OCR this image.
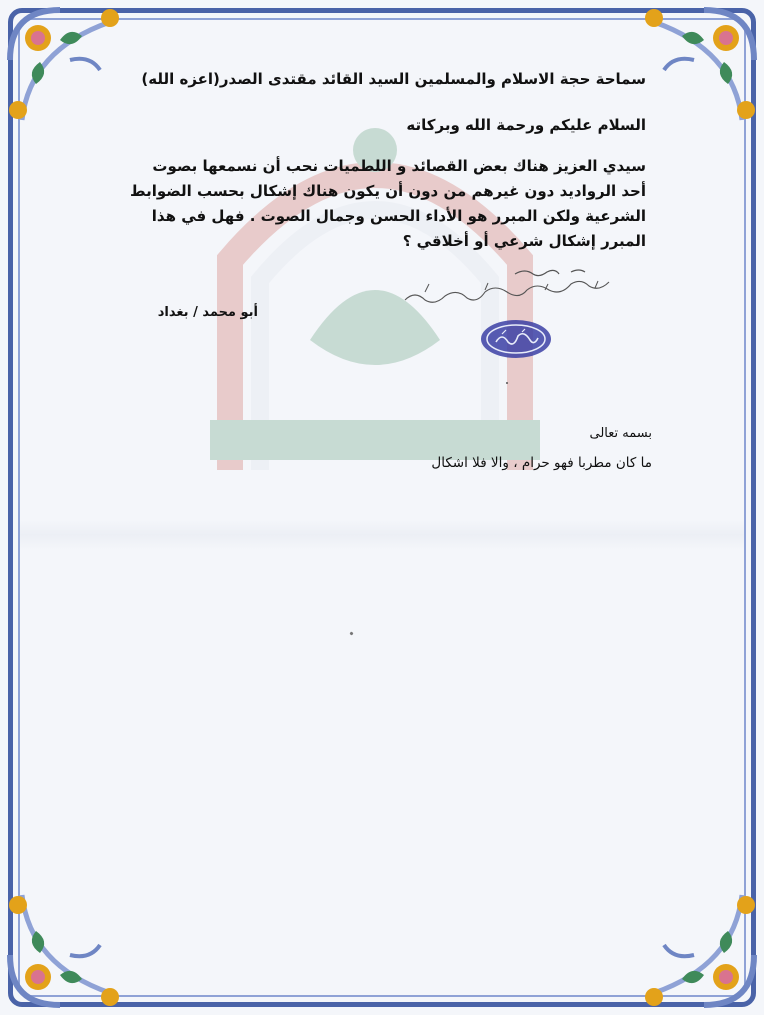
سماحة حجة الاسلام والمسلمين السيد القائد مقتدى الصدر(اعزه الله)
السلام عليكم ورحمة الله وبركاته
سيدي العزيز هناك بعض القصائد و اللطميات نحب أن نسمعها بصوت أحد الرواديد دون غيرهم من دون أن يكون هناك إشكال بحسب الضوابط الشرعية ولكن المبرر هو الأداء الحسن وجمال الصوت . فهل في هذا المبرر إشكال شرعي أو أخلاقي ؟
أبو محمد / بغداد
بسمه تعالى
ما كان مطربا فهو حرام ، والا فلا اشكال
